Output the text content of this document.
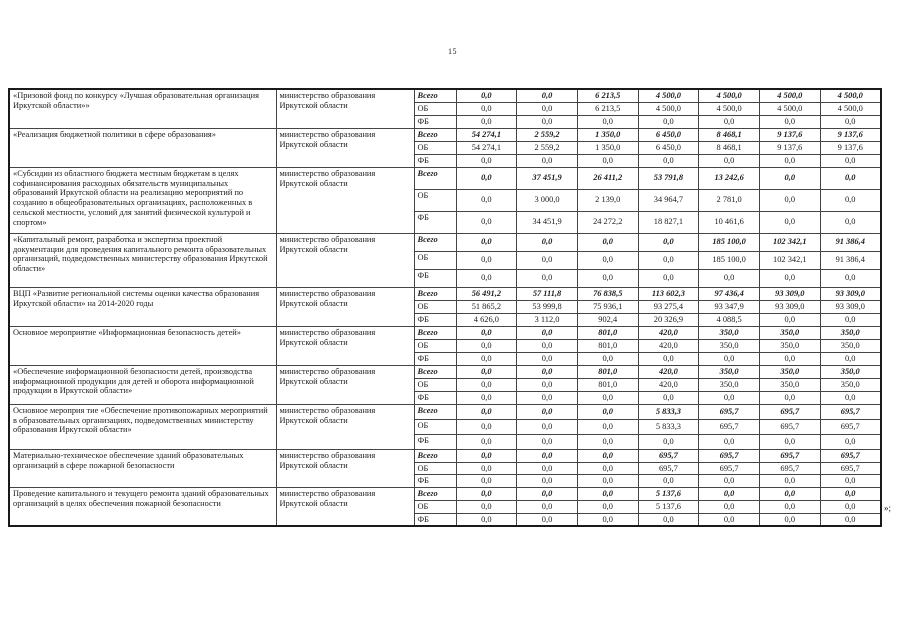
15
«Призовой фонд по конкурсу «Лучшая образовательная организация Иркутской области»»	министерство образования Иркутской области	Всего	0,0	0,0	6 213,5	4 500,0	4 500,0	4 500,0	4 500,0
		ОБ	0,0	0,0	6 213,5	4 500,0	4 500,0	4 500,0	4 500,0
		ФБ	0,0	0,0	0,0	0,0	0,0	0,0	0,0
«Реализация бюджетной политики в сфере образования»	министерство образования Иркутской области	Всего	54 274,1	2 559,2	1 350,0	6 450,0	8 468,1	9 137,6	9 137,6
		ОБ	54 274,1	2 559,2	1 350,0	6 450,0	8 468,1	9 137,6	9 137,6
		ФБ	0,0	0,0	0,0	0,0	0,0	0,0	0,0
«Субсидии из областного бюджета местным бюджетам в целях софинансирования расходных обязательств муниципальных образований Иркутской области на реализацию мероприятий по созданию в общеобразовательных организациях, расположенных в сельской местности, условий для занятий физической культурой и спортом»	министерство образования Иркутской области	Всего	0,0	37 451,9	26 411,2	53 791,8	13 242,6	0,0	0,0
		ОБ	0,0	3 000,0	2 139,0	34 964,7	2 781,0	0,0	0,0
		ФБ	0,0	34 451,9	24 272,2	18 827,1	10 461,6	0,0	0,0
«Капитальный ремонт, разработка и экспертиза проектной документации для проведения капитального ремонта образовательных организаций, подведомственных министерству образования Иркутской области»	министерство образования Иркутской области	Всего	0,0	0,0	0,0	0,0	185 100,0	102 342,1	91 386,4
		ОБ	0,0	0,0	0,0	0,0	185 100,0	102 342,1	91 386,4
		ФБ	0,0	0,0	0,0	0,0	0,0	0,0	0,0
ВЦП «Развитие региональной системы оценки качества образования Иркутской области» на 2014-2020 годы	министерство образования Иркутской области	Всего	56 491,2	57 111,8	76 838,5	113 602,3	97 436,4	93 309,0	93 309,0
		ОБ	51 865,2	53 999,8	75 936,1	93 275,4	93 347,9	93 309,0	93 309,0
		ФБ	4 626,0	3 112,0	902,4	20 326,9	4 088,5	0,0	0,0
Основное мероприятие «Информационная безопасность детей»	министерство образования Иркутской области	Всего	0,0	0,0	801,0	420,0	350,0	350,0	350,0
		ОБ	0,0	0,0	801,0	420,0	350,0	350,0	350,0
		ФБ	0,0	0,0	0,0	0,0	0,0	0,0	0,0
«Обеспечение информационной безопасности детей, производства информационной продукции для детей и оборота информационной продукции в Иркутской области»	министерство образования Иркутской области	Всего	0,0	0,0	801,0	420,0	350,0	350,0	350,0
		ОБ	0,0	0,0	801,0	420,0	350,0	350,0	350,0
		ФБ	0,0	0,0	0,0	0,0	0,0	0,0	0,0
Основное мероприя тие «Обеспечение противопожарных мероприятий в образовательных организациях, подведомственных министерству образования Иркутской области»	министерство образования Иркутской области	Всего	0,0	0,0	0,0	5 833,3	695,7	695,7	695,7
		ОБ	0,0	0,0	0,0	5 833,3	695,7	695,7	695,7
		ФБ	0,0	0,0	0,0	0,0	0,0	0,0	0,0
Материально-техническое обеспечение зданий образовательных организаций в сфере пожарной безопасности	министерство образования Иркутской области	Всего	0,0	0,0	0,0	695,7	695,7	695,7	695,7
		ОБ	0,0	0,0	0,0	695,7	695,7	695,7	695,7
		ФБ	0,0	0,0	0,0	0,0	0,0	0,0	0,0
Проведение капитального и текущего ремонта зданий образовательных организаций в целях обеспечения пожарной безопасности	министерство образования Иркутской области	Всего	0,0	0,0	0,0	5 137,6	0,0	0,0	0,0
		ОБ	0,0	0,0	0,0	5 137,6	0,0	0,0	0,0
		ФБ	0,0	0,0	0,0	0,0	0,0	0,0	0,0
»;
